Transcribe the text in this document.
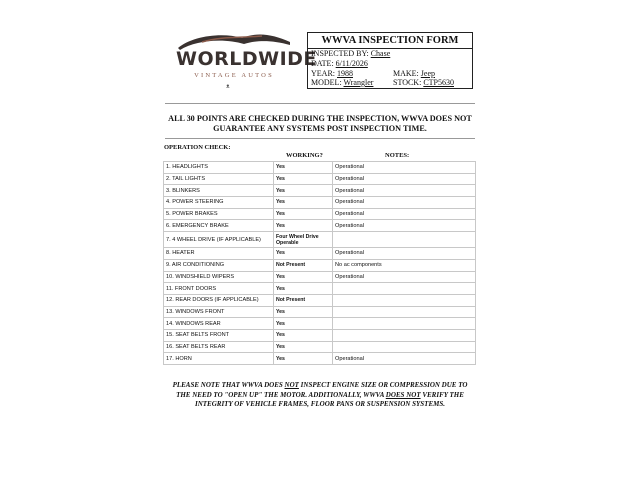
WORLDWIDE
VINTAGE AUTOS
ᴥ
WWVA INSPECTION FORM
INSPECTED BY: Chase
DATE: 6/11/2026
YEAR: 1988	MAKE: Jeep
MODEL: Wrangler STOCK: CTP5630
ALL 30 POINTS ARE CHECKED DURING THE INSPECTION, WWVA DOES NOT
GUARANTEE ANY SYSTEMS POST INSPECTION TIME.
OPERATION CHECK:
WORKING?	NOTES:
1. HEADLIGHTS	Yes	Operational
2. TAIL LIGHTS	Yes	Operational
3. BLINKERS	Yes	Operational
4. POWER STEERING	Yes	Operational
5. POWER BRAKES	Yes	Operational
6. EMERGENCY BRAKE	Yes	Operational
7. 4 WHEEL DRIVE (IF APPLICABLE)	Four Wheel Drive
Operable	

8. HEATER	Yes	Operational
9. AIR CONDITIONING	Not Present	No ac components
10. WINDSHIELD WIPERS	Yes	Operational
11. FRONT DOORS	Yes	
12. REAR DOORS (IF APPLICABLE)	Not Present	
13. WINDOWS FRONT	Yes	
14. WINDOWS REAR	Yes	
15. SEAT BELTS FRONT	Yes	
16. SEAT BELTS REAR	Yes	
17. HORN	Yes	Operational
PLEASE NOTE THAT WWVA DOES NOT INSPECT ENGINE SIZE OR COMPRESSION DUE TO
THE NEED TO "OPEN UP" THE MOTOR. ADDITIONALLY, WWVA DOES NOT VERIFY THE
INTEGRITY OF VEHICLE FRAMES, FLOOR PANS OR SUSPENSION SYSTEMS.
